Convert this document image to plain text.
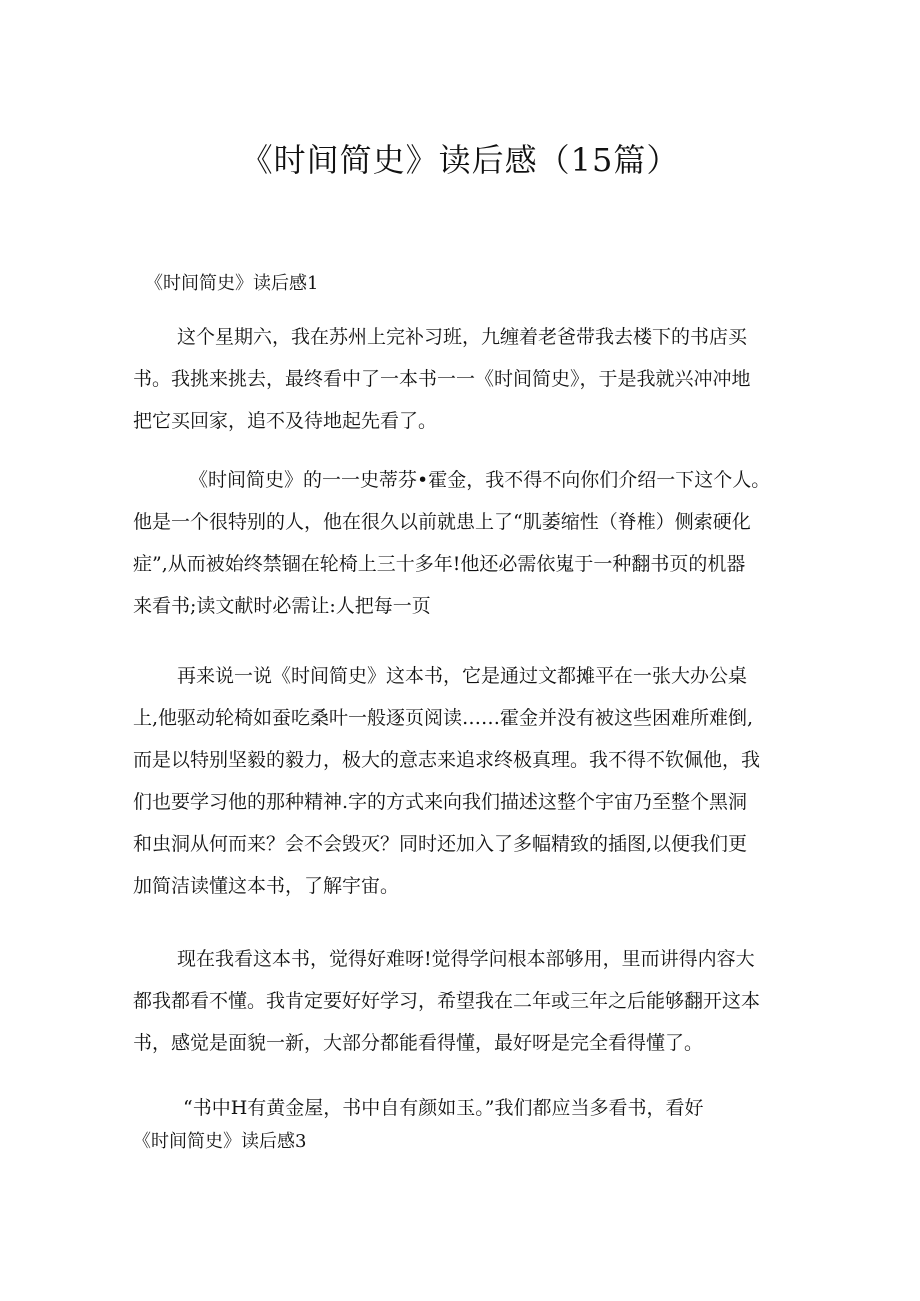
《时间简史》读后感（15篇）
《时间简史》读后感1
这个星期六，我在苏州上完补习班，九缠着老爸带我去楼下的书店买
书。我挑来挑去，最终看中了一本书一一《时间简史》，于是我就兴冲冲地
把它买回家，追不及待地起先看了。
《时间简史》的一一史蒂芬•霍金，我不得不向你们介绍一下这个人。
他是一个很特别的人，他在很久以前就患上了“肌萎缩性（脊椎）侧索硬化
症”,从而被始终禁锢在轮椅上三十多年!他还必需依嵬于一种翻书页的机器
来看书;读文献时必需让:人把每一页
再来说一说《时间简史》这本书，它是通过文都摊平在一张大办公桌
上,他驱动轮椅如蚕吃桑叶一般逐页阅读……霍金并没有被这些困难所难倒,
而是以特别坚毅的毅力，极大的意志来追求终极真理。我不得不钦佩他，我
们也要学习他的那种精神.字的方式来向我们描述这整个宇宙乃至整个黑洞
和虫洞从何而来？会不会毁灭？同时还加入了多幅精致的插图,以便我们更
加简洁读懂这本书，了解宇宙。
现在我看这本书，觉得好难呀!觉得学问根本部够用，里而讲得内容大
都我都看不懂。我肯定要好好学习，希望我在二年或三年之后能够翻开这本
书，感觉是面貌一新，大部分都能看得懂，最好呀是完全看得懂了。
“书中H有黄金屋，书中自有颜如玉。”我们都应当多看书，看好
《时间简史》读后感3
